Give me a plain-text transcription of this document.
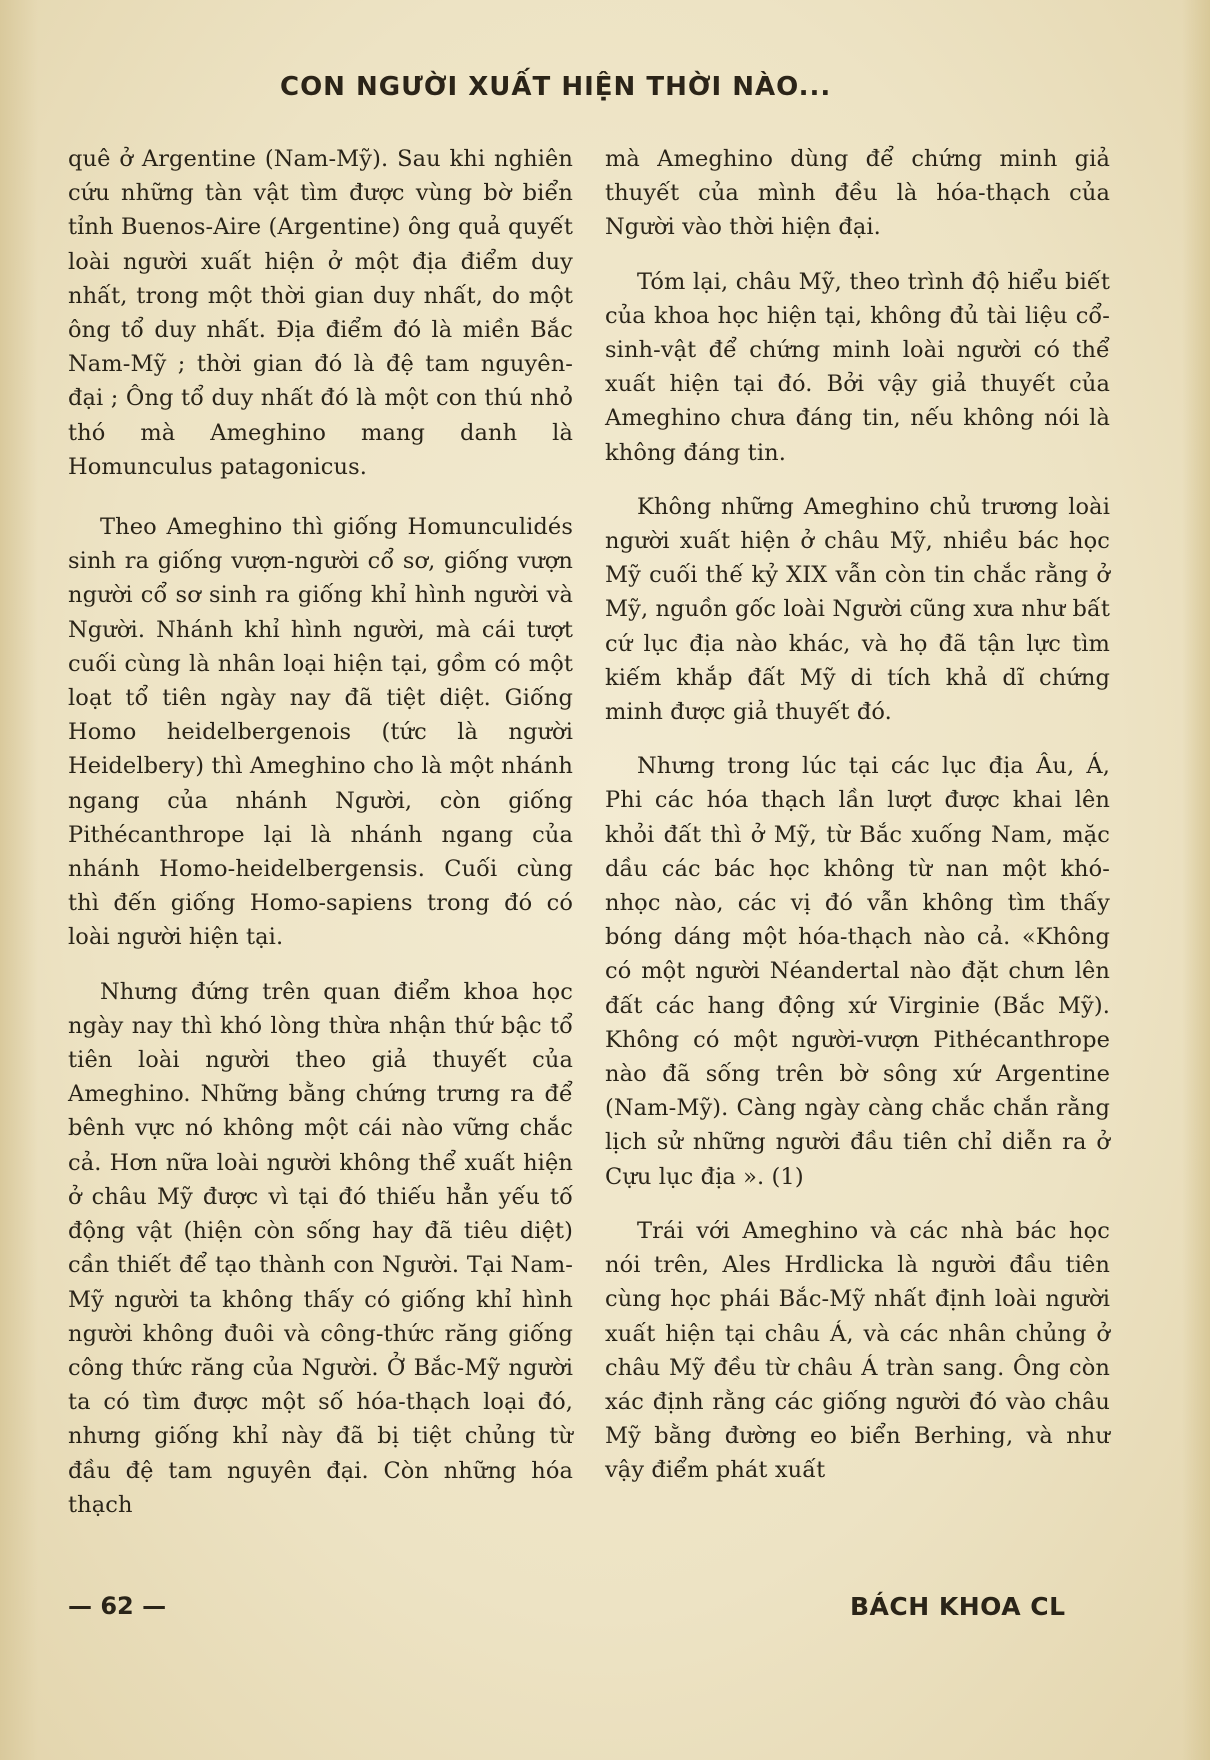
CON NGƯỜI XUẤT HIỆN THỜI NÀO...

quê ở Argentine (Nam-Mỹ). Sau khi nghiên cứu những tàn vật tìm được vùng bờ biển tỉnh Buenos-Aire (Argentine) ông quả quyết loài người xuất hiện ở một địa điểm duy nhất, trong một thời gian duy nhất, do một ông tổ duy nhất. Địa điểm đó là miền Bắc Nam-Mỹ ; thời gian đó là đệ tam nguyên-đại ; Ông tổ duy nhất đó là một con thú nhỏ thó mà Ameghino mang danh là Homunculus patagonicus.

Theo Ameghino thì giống Homunculidés sinh ra giống vượn-người cổ sơ, giống vượn người cổ sơ sinh ra giống khỉ hình người và Người. Nhánh khỉ hình người, mà cái tượt cuối cùng là nhân loại hiện tại, gồm có một loạt tổ tiên ngày nay đã tiệt diệt. Giống Homo heidelbergenois (tức là người Heidelbery) thì Ameghino cho là một nhánh ngang của nhánh Người, còn giống Pithécanthrope lại là nhánh ngang của nhánh Homo-heidelbergensis. Cuối cùng thì đến giống Homo-sapiens trong đó có loài người hiện tại.

Nhưng đứng trên quan điểm khoa học ngày nay thì khó lòng thừa nhận thứ bậc tổ tiên loài người theo giả thuyết của Ameghino. Những bằng chứng trưng ra để bênh vực nó không một cái nào vững chắc cả. Hơn nữa loài người không thể xuất hiện ở châu Mỹ được vì tại đó thiếu hẳn yếu tố động vật (hiện còn sống hay đã tiêu diệt) cần thiết để tạo thành con Người. Tại Nam-Mỹ người ta không thấy có giống khỉ hình người không đuôi và công-thức răng giống công thức răng của Người. Ở Bắc-Mỹ người ta có tìm được một số hóa-thạch loại đó, nhưng giống khỉ này đã bị tiệt chủng từ đầu đệ tam nguyên đại. Còn những hóa thạch

mà Ameghino dùng để chứng minh giả thuyết của mình đều là hóa-thạch của Người vào thời hiện đại.

Tóm lại, châu Mỹ, theo trình độ hiểu biết của khoa học hiện tại, không đủ tài liệu cổ-sinh-vật để chứng minh loài người có thể xuất hiện tại đó. Bởi vậy giả thuyết của Ameghino chưa đáng tin, nếu không nói là không đáng tin.

Không những Ameghino chủ trương loài người xuất hiện ở châu Mỹ, nhiều bác học Mỹ cuối thế kỷ XIX vẫn còn tin chắc rằng ở Mỹ, nguồn gốc loài Người cũng xưa như bất cứ lục địa nào khác, và họ đã tận lực tìm kiếm khắp đất Mỹ di tích khả dĩ chứng minh được giả thuyết đó.

Nhưng trong lúc tại các lục địa Âu, Á, Phi các hóa thạch lần lượt được khai lên khỏi đất thì ở Mỹ, từ Bắc xuống Nam, mặc dầu các bác học không từ nan một khó-nhọc nào, các vị đó vẫn không tìm thấy bóng dáng một hóa-thạch nào cả. «Không có một người Néandertal nào đặt chưn lên đất các hang động xứ Virginie (Bắc Mỹ). Không có một người-vượn Pithécanthrope nào đã sống trên bờ sông xứ Argentine (Nam-Mỹ). Càng ngày càng chắc chắn rằng lịch sử những người đầu tiên chỉ diễn ra ở Cựu lục địa ». (1)

Trái với Ameghino và các nhà bác học nói trên, Ales Hrdlicka là người đầu tiên cùng học phái Bắc-Mỹ nhất định loài người xuất hiện tại châu Á, và các nhân chủng ở châu Mỹ đều từ châu Á tràn sang. Ông còn xác định rằng các giống người đó vào châu Mỹ bằng đường eo biển Berhing, và như vậy điểm phát xuất

— 62 —	BÁCH KHOA CL
